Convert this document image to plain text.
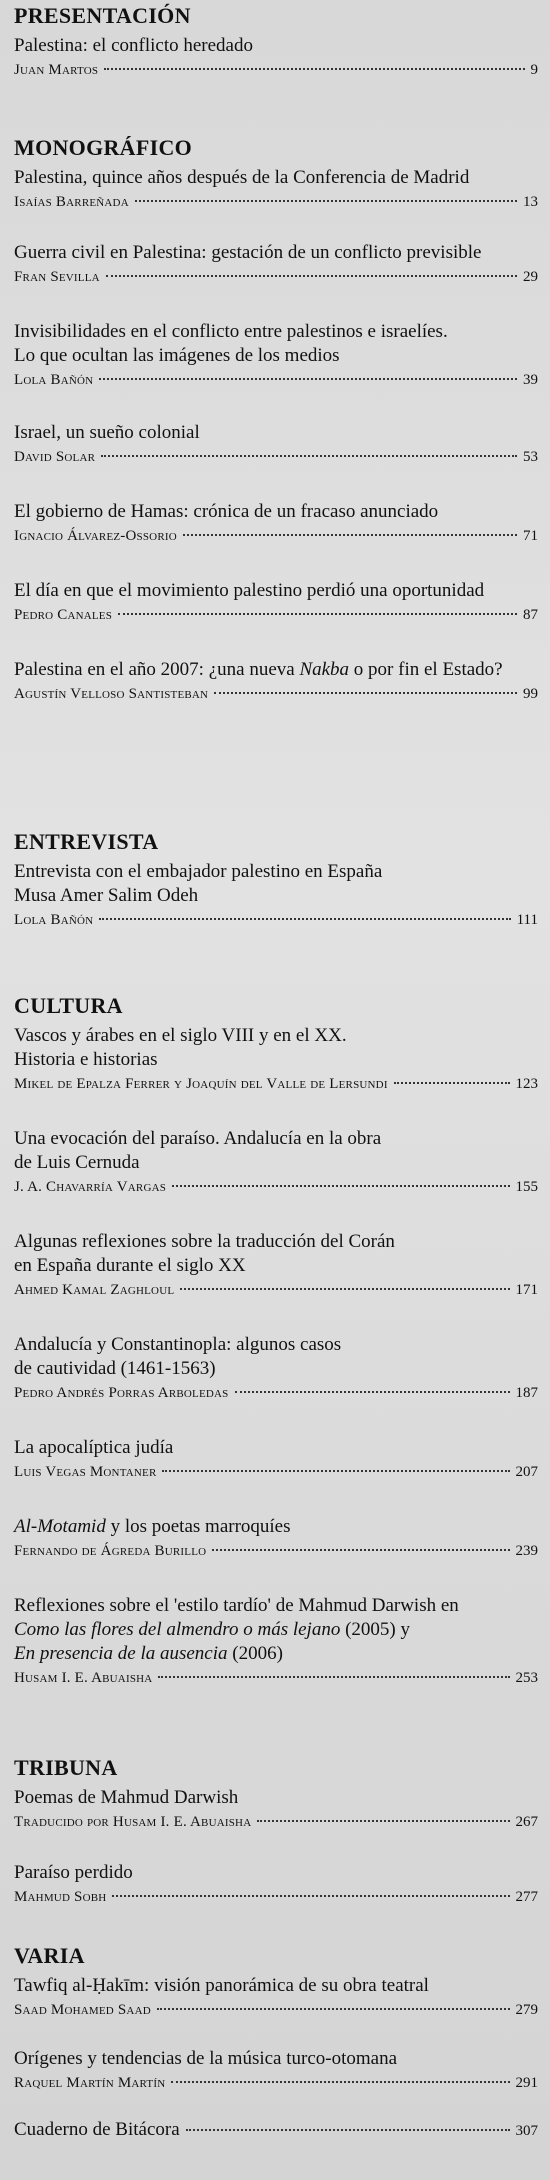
PRESENTACIÓN
Palestina: el conflicto heredado
Juan Martos	9
MONOGRÁFICO
Palestina, quince años después de la Conferencia de Madrid
Isaías Barreñada	13
Guerra civil en Palestina: gestación de un conflicto previsible
Fran Sevilla	29
Invisibilidades en el conflicto entre palestinos e israelíes.
Lo que ocultan las imágenes de los medios
Lola Bañón	39
Israel, un sueño colonial
David Solar	53
El gobierno de Hamas: crónica de un fracaso anunciado
Ignacio Álvarez-Ossorio	71
El día en que el movimiento palestino perdió una oportunidad
Pedro Canales	87
Palestina en el año 2007: ¿una nueva Nakba o por fin el Estado?
Agustín Velloso Santisteban	99
ENTREVISTA
Entrevista con el embajador palestino en España
Musa Amer Salim Odeh
Lola Bañón	111
CULTURA
Vascos y árabes en el siglo VIII y en el XX.
Historia e historias
Mikel de Epalza Ferrer y Joaquín del Valle de Lersundi	123
Una evocación del paraíso. Andalucía en la obra
de Luis Cernuda
J. A. Chavarría Vargas	155
Algunas reflexiones sobre la traducción del Corán
en España durante el siglo XX
Ahmed Kamal Zaghloul	171
Andalucía y Constantinopla: algunos casos
de cautividad (1461-1563)
Pedro Andrés Porras Arboledas	187
La apocalíptica judía
Luis Vegas Montaner	207
Al-Motamid y los poetas marroquíes
Fernando de Ágreda Burillo	239
Reflexiones sobre el 'estilo tardío' de Mahmud Darwish en
Como las flores del almendro o más lejano (2005) y
En presencia de la ausencia (2006)
Husam I. E. Abuaisha	253
TRIBUNA
Poemas de Mahmud Darwish
Traducido por Husam I. E. Abuaisha	267
Paraíso perdido
Mahmud Sobh	277
VARIA
Tawfiq al-Ḥakīm: visión panorámica de su obra teatral
Saad Mohamed Saad	279
Orígenes y tendencias de la música turco-otomana
Raquel Martín Martín	291
Cuaderno de Bitácora	307
